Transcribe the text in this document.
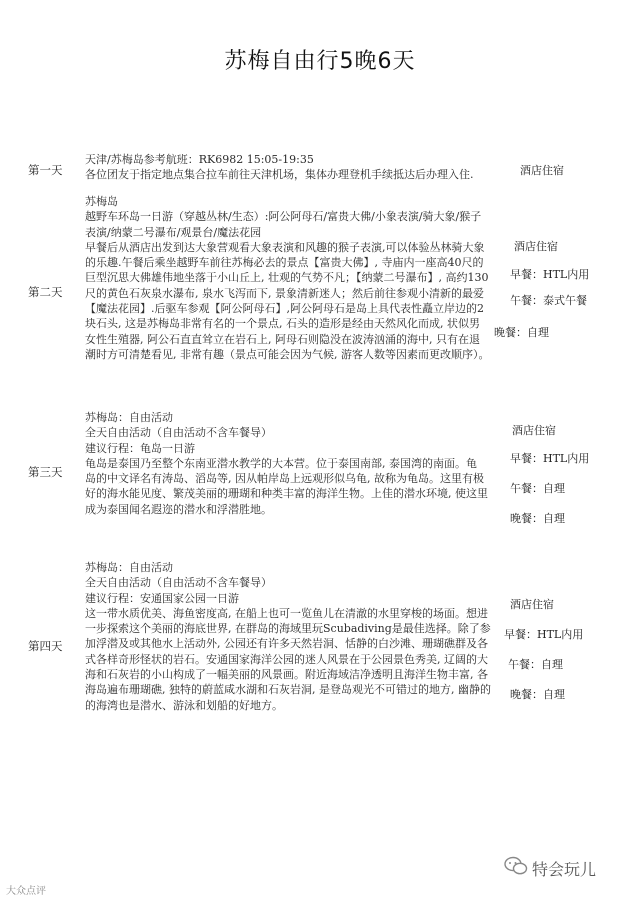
苏梅自由行5晚6天
第一天

天津/苏梅岛参考航班：RK6982 15:05-19:35

各位团友于指定地点集合拉车前往天津机场，集体办理登机手续抵达后办理入住.	酒店住宿
第二天

苏梅岛

越野车环岛一日游（穿越丛林/生态）:阿公阿母石/富贵大佛/小象表演/骑大象/猴子

表演/纳蒙二号瀑布/观景台/魔法花园

早餐后从酒店出发到达大象营观看大象表演和风趣的猴子表演,可以体验丛林骑大象

的乐趣.午餐后乘坐越野车前往苏梅必去的景点【富贵大佛】, 寺庙内一座高40尺的

巨型沉思大佛雄伟地坐落于小山丘上, 壮观的气势不凡；【纳蒙二号瀑布】, 高约130

尺的黄色石灰泉水瀑布, 泉水飞泻而下, 景象清新迷人；然后前往参观小清新的最爱

【魔法花园】.后驱车参观【阿公阿母石】,阿公阿母石是岛上具代表性矗立岸边的2

块石头, 这是苏梅岛非常有名的一个景点, 石头的造形是经由天然风化而成, 状似男

女性生殖器, 阿公石直直耸立在岩石上, 阿母石则隐没在波涛汹涌的海中, 只有在退

潮时方可清楚看见, 非常有趣（景点可能会因为气候, 游客人数等因素而更改顺序）。

酒店住宿
早餐：HTL内用
午餐：泰式午餐
晚餐：自理
第三天

苏梅岛：自由活动

全天自由活动（自由活动不含车餐导）

建议行程：龟岛一日游

龟岛是泰国乃至整个东南亚潜水教学的大本营。位于泰国南部, 泰国湾的南面。龟

岛的中文译名有涛岛、滔岛等, 因从帕岸岛上远观形似乌龟, 故称为龟岛。这里有极

好的海水能见度、繁茂美丽的珊瑚和种类丰富的海洋生物。上佳的潜水环境, 使这里

成为泰国闻名遐迩的潜水和浮潜胜地。

酒店住宿
早餐：HTL内用
午餐：自理
晚餐：自理
第四天

苏梅岛：自由活动

全天自由活动（自由活动不含车餐导）

建议行程：安通国家公园一日游

这一带水质优美、海鱼密度高, 在船上也可一览鱼儿在清澈的水里穿梭的场面。想进

一步探索这个美丽的海底世界, 在群岛的海域里玩Scubadiving是最佳选择。除了参

加浮潜及或其他水上活动外, 公园还有许多天然岩洞、恬静的白沙滩、珊瑚礁群及各

式各样奇形怪状的岩石。安通国家海洋公园的迷人风景在于公园景色秀美, 辽阔的大

海和石灰岩的小山构成了一幅美丽的风景画。附近海域洁净透明且海洋生物丰富, 各

海岛遍布珊瑚礁, 独特的蔚蓝咸水湖和石灰岩洞, 是登岛观光不可错过的地方, 幽静的

的海湾也是潜水、游泳和划船的好地方。

酒店住宿
早餐：HTL内用
午餐：自理
晚餐：自理
特会玩儿
大众点评
